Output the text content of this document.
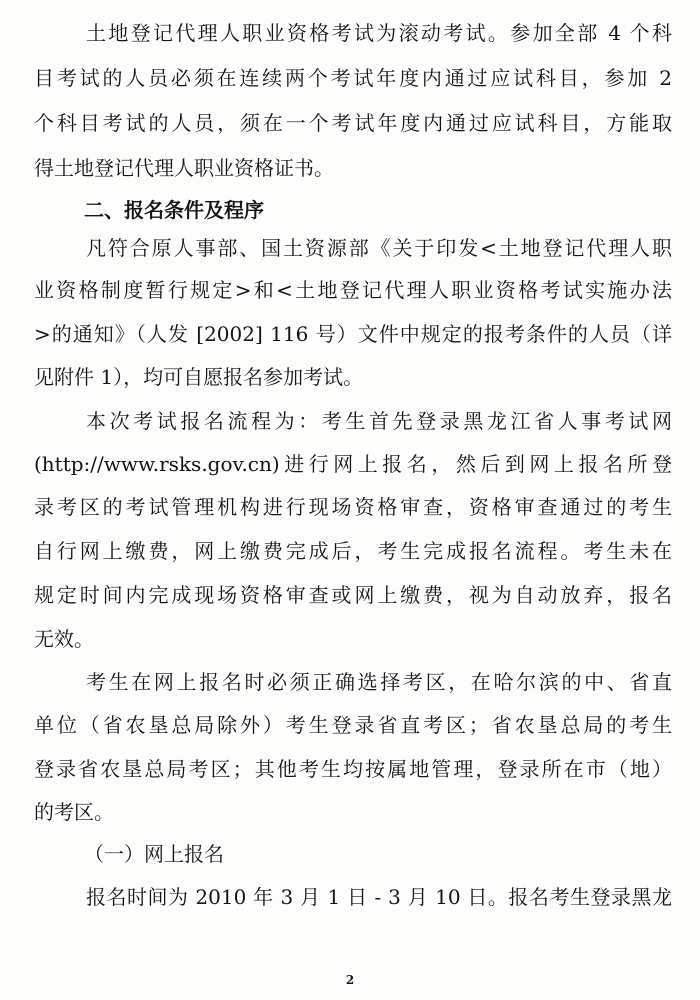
土地登记代理人职业资格考试为滚动考试。参加全部 4 个科
目考试的人员必须在连续两个考试年度内通过应试科目，参加 2
个科目考试的人员，须在一个考试年度内通过应试科目，方能取
得土地登记代理人职业资格证书。
二、报名条件及程序
凡符合原人事部、国土资源部《关于印发<土地登记代理人职
业资格制度暂行规定>和<土地登记代理人职业资格考试实施办法
>的通知》（人发 [2002] 116 号）文件中规定的报考条件的人员（详
见附件 1），均可自愿报名参加考试。
本次考试报名流程为：考生首先登录黑龙江省人事考试网
(http://www.rsks.gov.cn)进行网上报名，然后到网上报名所登
录考区的考试管理机构进行现场资格审查，资格审查通过的考生
自行网上缴费，网上缴费完成后，考生完成报名流程。考生未在
规定时间内完成现场资格审查或网上缴费，视为自动放弃，报名
无效。
考生在网上报名时必须正确选择考区，在哈尔滨的中、省直
单位（省农垦总局除外）考生登录省直考区；省农垦总局的考生
登录省农垦总局考区；其他考生均按属地管理，登录所在市（地）
的考区。
（一）网上报名
报名时间为 2010 年 3 月 1 日 - 3 月 10 日。报名考生登录黑龙
2
